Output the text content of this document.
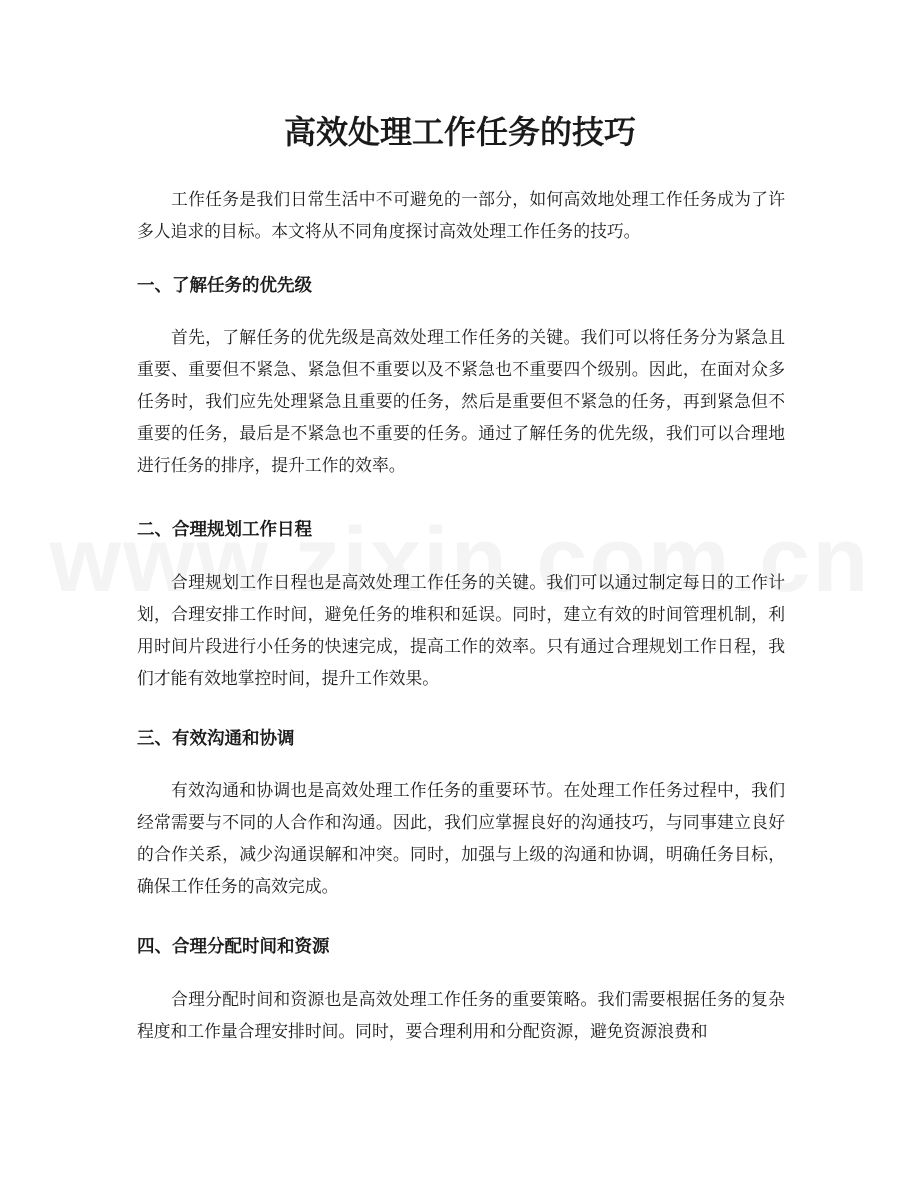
高效处理工作任务的技巧

工作任务是我们日常生活中不可避免的一部分，如何高效地处理工作任务成为了许多人追求的目标。本文将从不同角度探讨高效处理工作任务的技巧。

一、了解任务的优先级

首先，了解任务的优先级是高效处理工作任务的关键。我们可以将任务分为紧急且重要、重要但不紧急、紧急但不重要以及不紧急也不重要四个级别。因此，在面对众多任务时，我们应先处理紧急且重要的任务，然后是重要但不紧急的任务，再到紧急但不重要的任务，最后是不紧急也不重要的任务。通过了解任务的优先级，我们可以合理地进行任务的排序，提升工作的效率。

二、合理规划工作日程

合理规划工作日程也是高效处理工作任务的关键。我们可以通过制定每日的工作计划，合理安排工作时间，避免任务的堆积和延误。同时，建立有效的时间管理机制，利用时间片段进行小任务的快速完成，提高工作的效率。只有通过合理规划工作日程，我们才能有效地掌控时间，提升工作效果。

三、有效沟通和协调

有效沟通和协调也是高效处理工作任务的重要环节。在处理工作任务过程中，我们经常需要与不同的人合作和沟通。因此，我们应掌握良好的沟通技巧，与同事建立良好的合作关系，减少沟通误解和冲突。同时，加强与上级的沟通和协调，明确任务目标，确保工作任务的高效完成。

四、合理分配时间和资源

合理分配时间和资源也是高效处理工作任务的重要策略。我们需要根据任务的复杂程度和工作量合理安排时间。同时，要合理利用和分配资源，避免资源浪费和
